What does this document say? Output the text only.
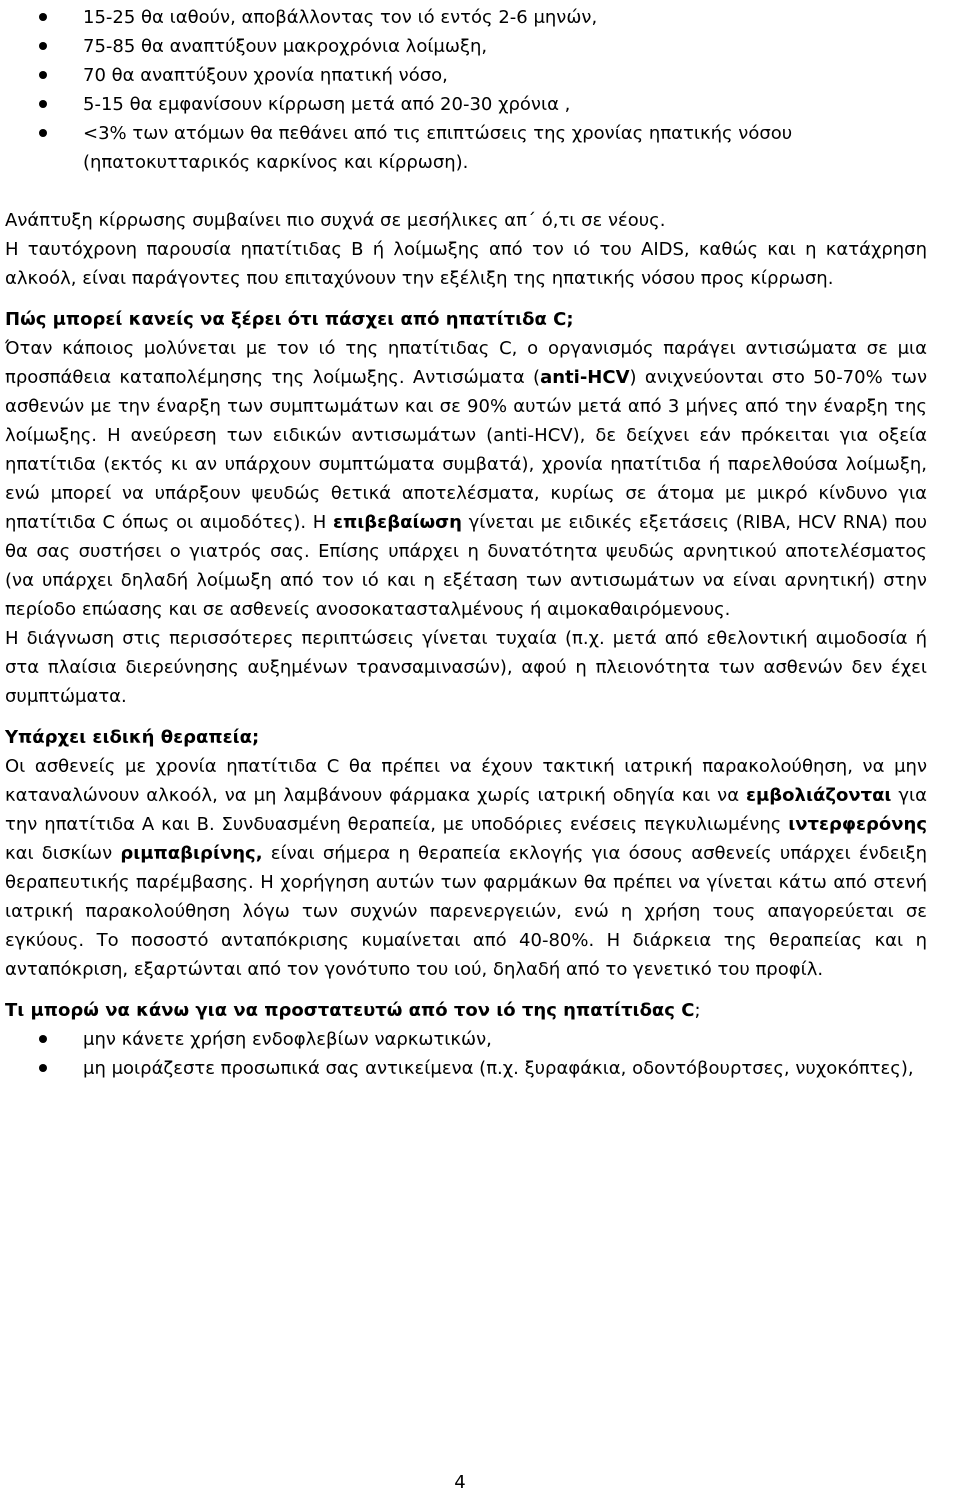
15-25 θα ιαθούν, αποβάλλοντας τον ιό εντός 2-6 μηνών,
75-85 θα αναπτύξουν μακροχρόνια λοίμωξη,
70 θα αναπτύξουν χρονία ηπατική νόσο,
5-15 θα εμφανίσουν κίρρωση μετά από 20-30 χρόνια ,
<3% των ατόμων θα πεθάνει από τις επιπτώσεις της χρονίας ηπατικής νόσου (ηπατοκυτταρικός καρκίνος και κίρρωση).

Ανάπτυξη κίρρωσης συμβαίνει πιο συχνά σε μεσήλικες απ΄ ό,τι σε νέους.

Η ταυτόχρονη παρουσία ηπατίτιδας Β ή λοίμωξης από τον ιό του AIDS, καθώς και η κατάχρηση αλκοόλ, είναι παράγοντες που επιταχύνουν την εξέλιξη της ηπατικής νόσου προς κίρρωση.

Πώς μπορεί κανείς να ξέρει ότι πάσχει από ηπατίτιδα C;

Όταν κάποιος μολύνεται με τον ιό της ηπατίτιδας C, ο οργανισμός παράγει αντισώματα σε μια προσπάθεια καταπολέμησης της λοίμωξης. Αντισώματα (anti-HCV) ανιχνεύονται στο 50-70% των ασθενών με την έναρξη των συμπτωμάτων και σε 90% αυτών μετά από 3 μήνες από την έναρξη της λοίμωξης. Η ανεύρεση των ειδικών αντισωμάτων (anti-HCV), δε δείχνει εάν πρόκειται για οξεία ηπατίτιδα (εκτός κι αν υπάρχουν συμπτώματα συμβατά), χρονία ηπατίτιδα ή παρελθούσα λοίμωξη, ενώ μπορεί να υπάρξουν ψευδώς θετικά αποτελέσματα, κυρίως σε άτομα με μικρό κίνδυνο για ηπατίτιδα C όπως οι αιμοδότες). Η επιβεβαίωση γίνεται με ειδικές εξετάσεις (RIBA, HCV RNA) που θα σας συστήσει ο γιατρός σας. Επίσης υπάρχει η δυνατότητα ψευδώς αρνητικού αποτελέσματος (να υπάρχει δηλαδή λοίμωξη από τον ιό και η εξέταση των αντισωμάτων να είναι αρνητική) στην περίοδο επώασης και σε ασθενείς ανοσοκατασταλμένους ή αιμοκαθαιρόμενους.

Η διάγνωση στις περισσότερες περιπτώσεις γίνεται τυχαία (π.χ. μετά από εθελοντική αιμοδοσία ή στα πλαίσια διερεύνησης αυξημένων τρανσαμινασών), αφού η πλειονότητα των ασθενών δεν έχει συμπτώματα.

Υπάρχει ειδική θεραπεία;

Οι ασθενείς με χρονία ηπατίτιδα C θα πρέπει να έχουν τακτική ιατρική παρακολούθηση, να μην καταναλώνουν αλκοόλ, να μη λαμβάνουν φάρμακα χωρίς ιατρική οδηγία και να εμβολιάζονται για την ηπατίτιδα Α και Β. Συνδυασμένη θεραπεία, με υποδόριες ενέσεις πεγκυλιωμένης ιντερφερόνης και δισκίων ριμπαβιρίνης, είναι σήμερα η θεραπεία εκλογής για όσους ασθενείς υπάρχει ένδειξη θεραπευτικής παρέμβασης. Η χορήγηση αυτών των φαρμάκων θα πρέπει να γίνεται κάτω από στενή ιατρική παρακολούθηση λόγω των συχνών παρενεργειών, ενώ η χρήση τους απαγορεύεται σε εγκύους. Το ποσοστό ανταπόκρισης κυμαίνεται από 40-80%. Η διάρκεια της θεραπείας και η ανταπόκριση, εξαρτώνται από τον γονότυπο του ιού, δηλαδή από το γενετικό του προφίλ.

Τι μπορώ να κάνω για να προστατευτώ από τον ιό της ηπατίτιδας C;

μην κάνετε χρήση ενδοφλεβίων ναρκωτικών,
μη μοιράζεστε προσωπικά σας αντικείμενα (π.χ. ξυραφάκια, οδοντόβουρτσες, νυχοκόπτες),
4
